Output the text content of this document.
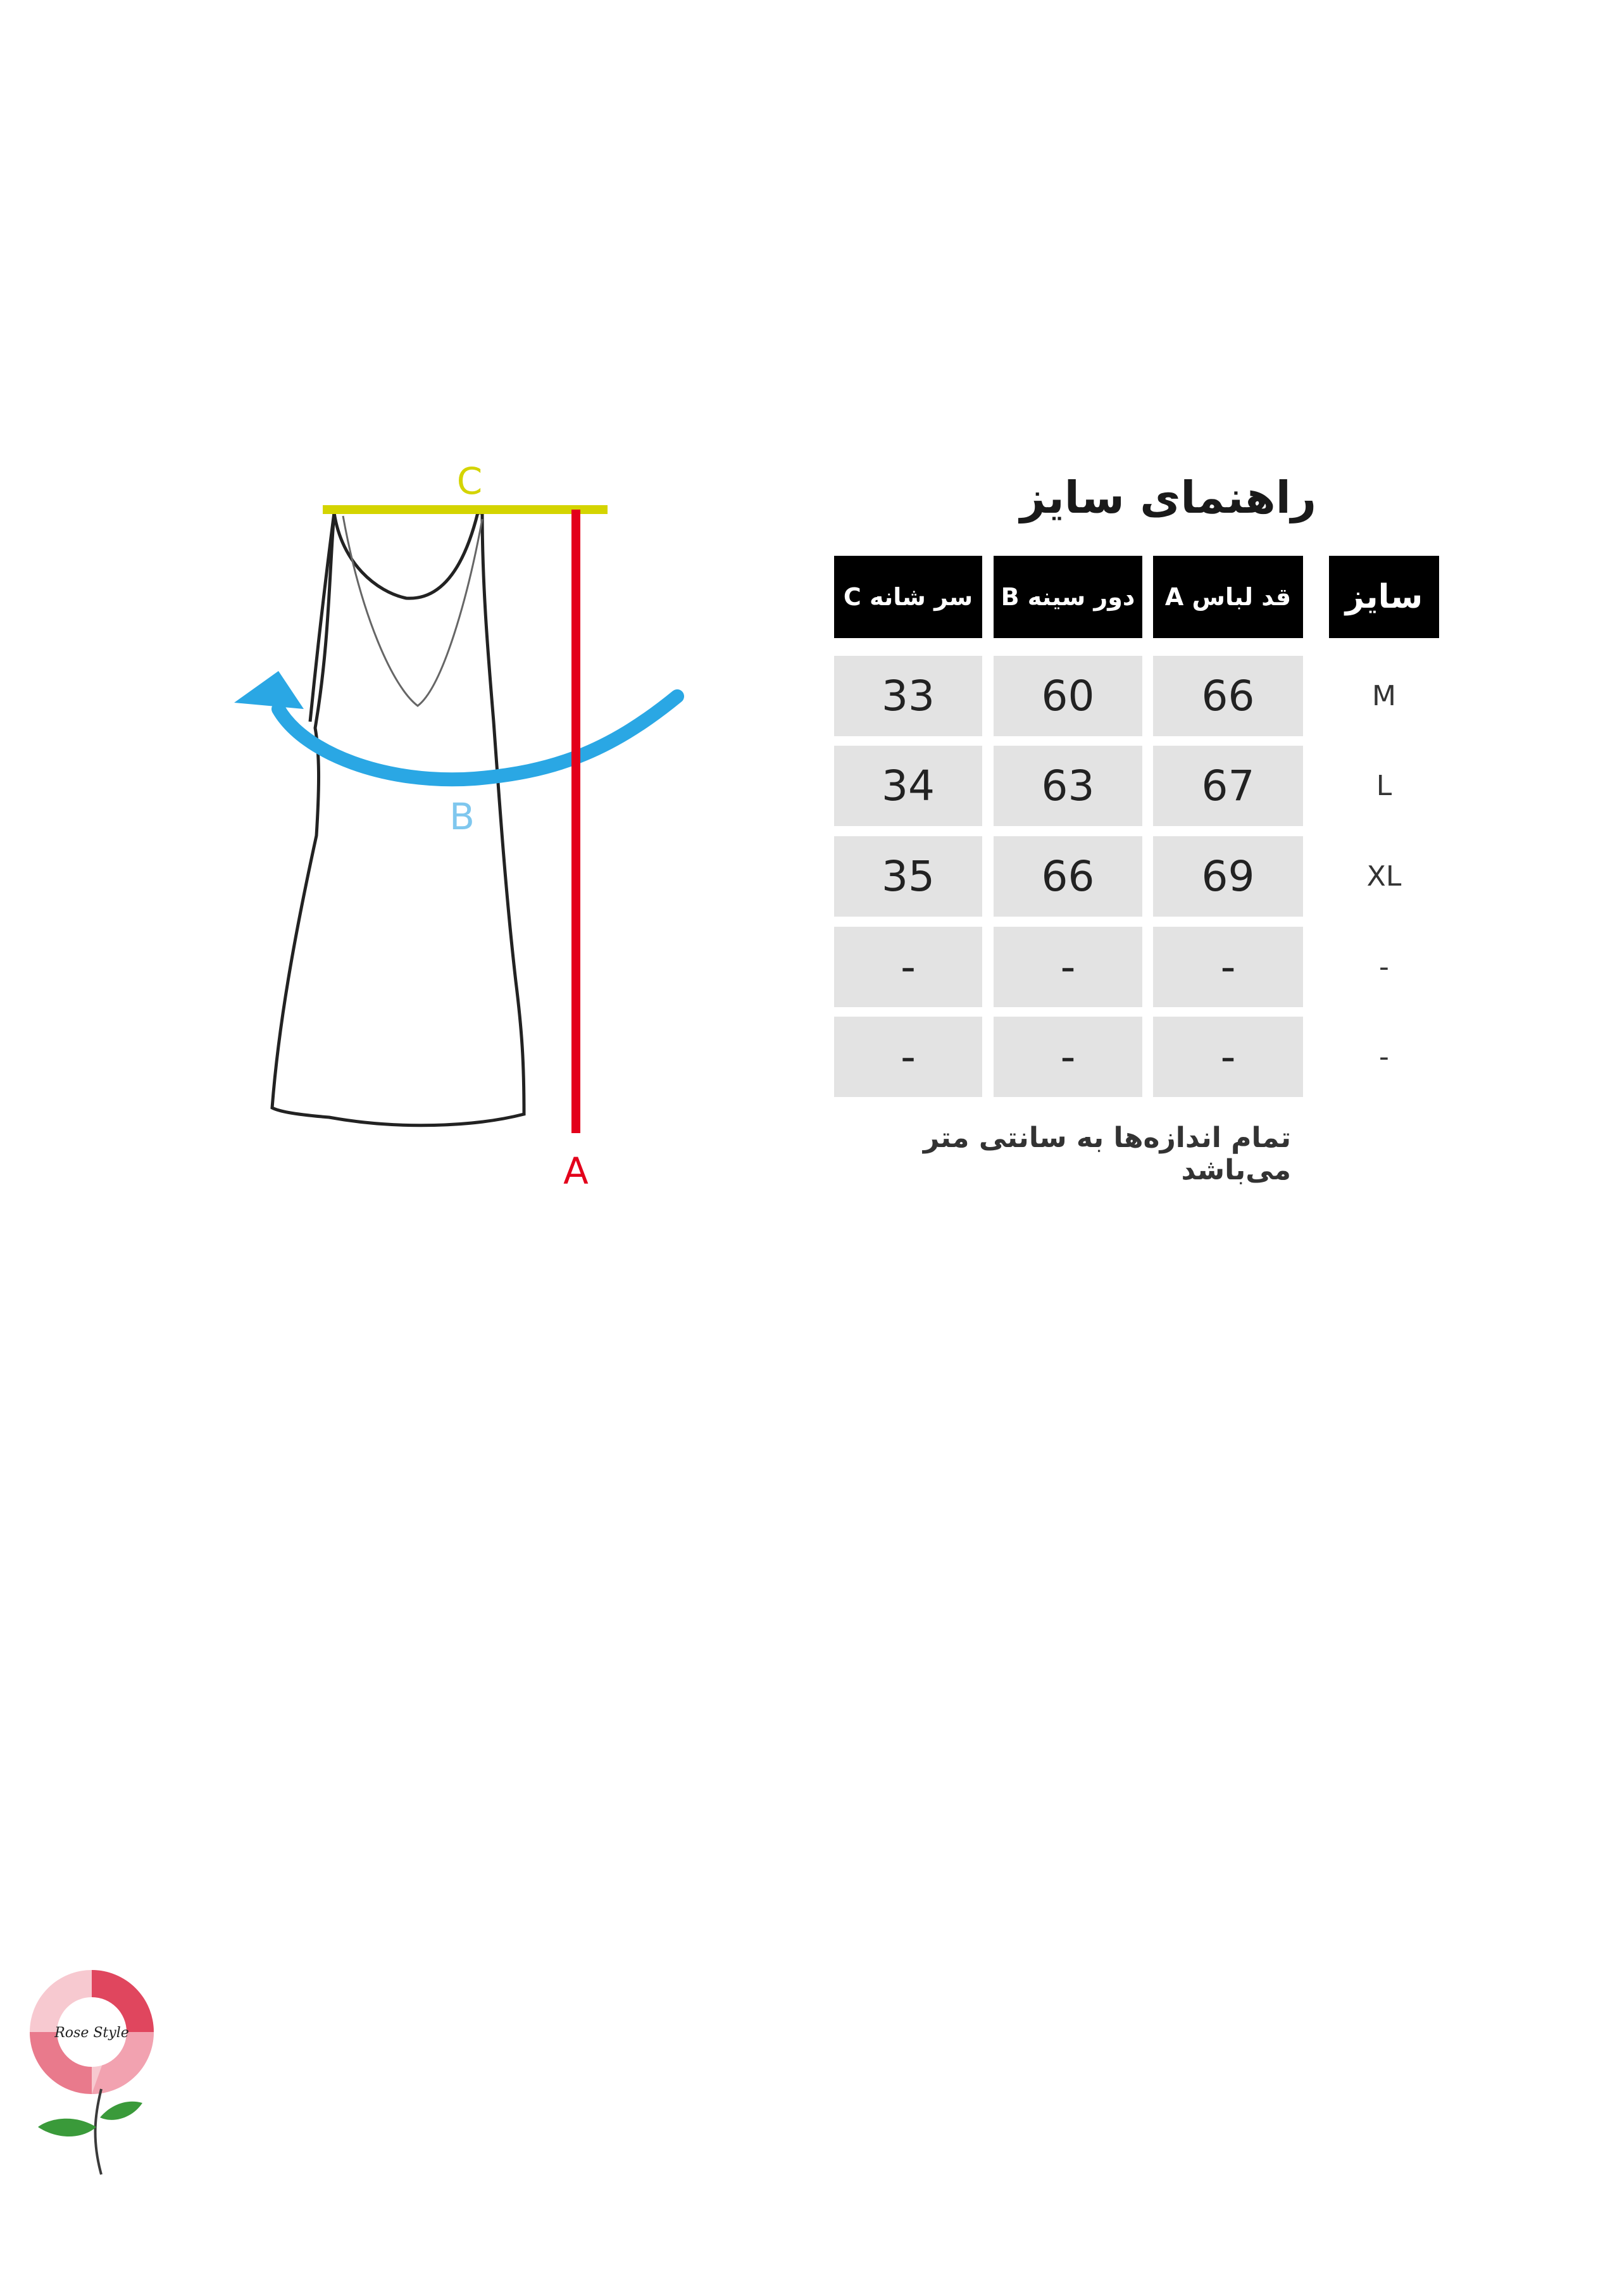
C
B
A
راهنمای سایز
سایز
قد لباس A
دور سینه B
سر شانه C
M
66
60
33
L
67
63
34
XL
69
66
35
-
-
-
-
-
-
-
-
تمام اندازه‌ها به سانتی متر می‌باشد
Rose Style
